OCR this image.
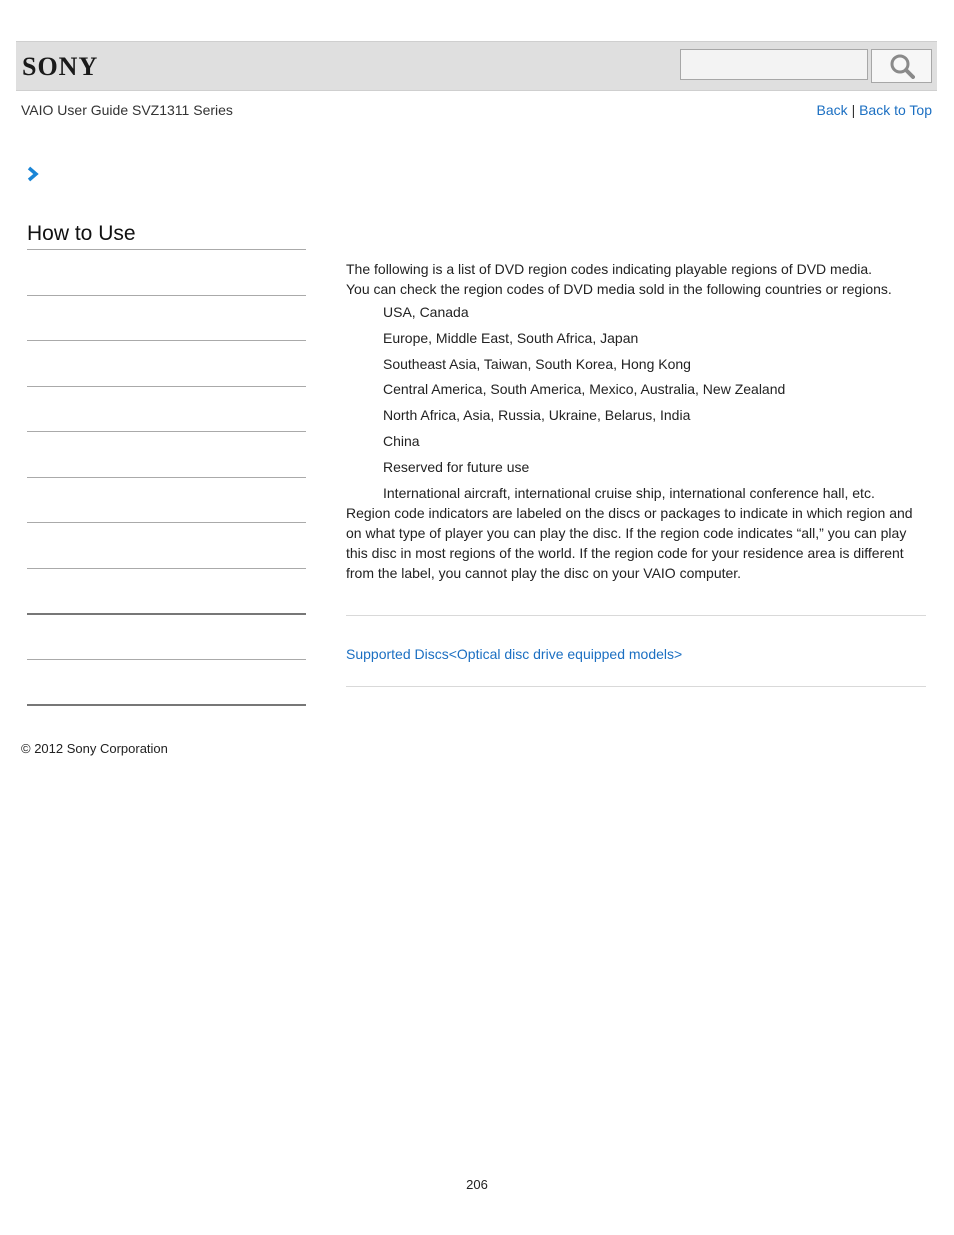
SONY
VAIO User Guide SVZ1311 Series	Back | Back to Top
How to Use

The following is a list of DVD region codes indicating playable regions of DVD media.

You can check the region codes of DVD media sold in the following countries or regions.

USA, Canada
Europe, Middle East, South Africa, Japan
Southeast Asia, Taiwan, South Korea, Hong Kong
Central America, South America, Mexico, Australia, New Zealand
North Africa, Asia, Russia, Ukraine, Belarus, India
China
Reserved for future use
International aircraft, international cruise ship, international conference hall, etc.

Region code indicators are labeled on the discs or packages to indicate in which region and on what type of player you can play the disc. If the region code indicates “all,” you can play this disc in most regions of the world. If the region code for your residence area is different from the label, you cannot play the disc on your VAIO computer.

Supported Discs<Optical disc drive equipped models>
© 2012 Sony Corporation
206
